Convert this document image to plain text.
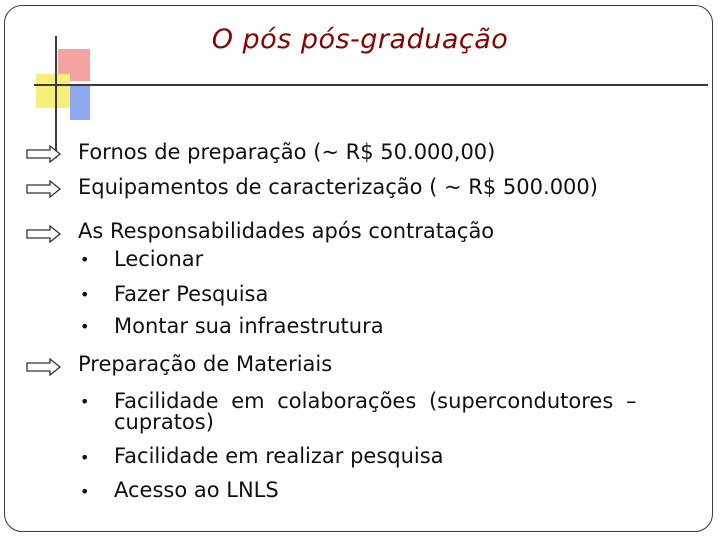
O pós pós-graduação
Fornos de preparação (~ R$ 50.000,00)
Equipamentos de caracterização ( ~ R$ 500.000)
As Responsabilidades após contratação
• Lecionar
• Fazer Pesquisa
• Montar sua infraestrutura
Preparação de Materiais
• Facilidade em colaborações (supercondutores – cupratos)
• Facilidade em realizar pesquisa
• Acesso ao LNLS
